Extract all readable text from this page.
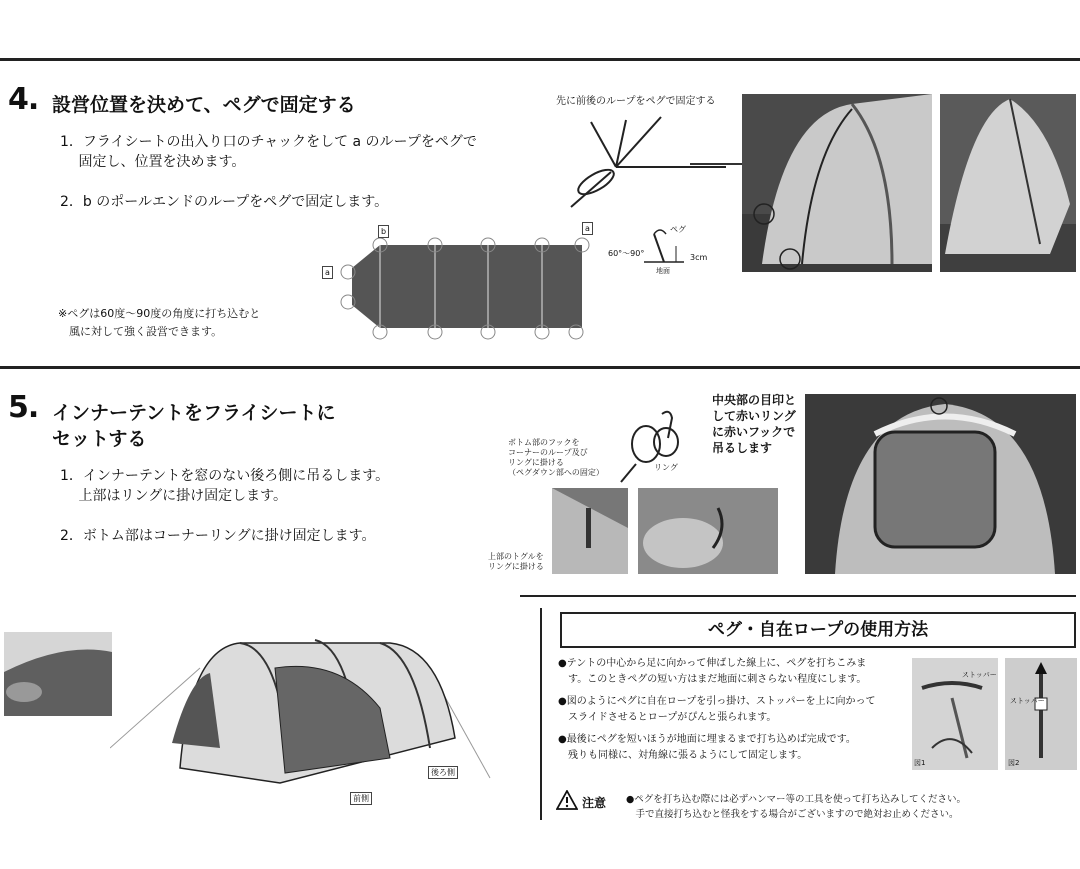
4. 設営位置を決めて、ペグで固定する
1．フライシートの出入り口のチャックをして a のループをペグで
　 固定し、位置を決めます。
2．b のポールエンドのループをペグで固定します。
※ペグは60度〜90度の角度に打ち込むと
　風に対して強く設営できます。
先に前後のループをペグで固定する
60°〜90°	3cm
ペグ
地面
b
a
a
5. インナーテントをフライシートに
セットする
1．インナーテントを窓のない後ろ側に吊るします。
　 上部はリングに掛け固定します。
2．ボトム部はコーナーリングに掛け固定します。
ボトム部のフックを
コーナーのループ及び
リングに掛ける
（ペグダウン部への固定）
リング
中央部の目印と
して赤いリング
に赤いフックで
吊るします
上部のトグルを
リングに掛ける
前側
後ろ側
ペグ・自在ロープの使用方法
●テントの中心から足に向かって伸ばした線上に、ペグを打ちこみま
　す。このときペグの短い方はまだ地面に刺さらない程度にします。
●図のようにペグに自在ロープを引っ掛け、ストッパーを上に向かって
　スライドさせるとロープがぴんと張られます。
●最後にペグを短いほうが地面に埋まるまで打ち込めば完成です。
　残りも同様に、対角線に張るようにして固定します。
図1
ストッパー
図2
ストッパー
注意 ●ペグを打ち込む際には必ずハンマー等の工具を使って打ち込みしてください。
　手で直接打ち込むと怪我をする場合がございますので絶対お止めください。
